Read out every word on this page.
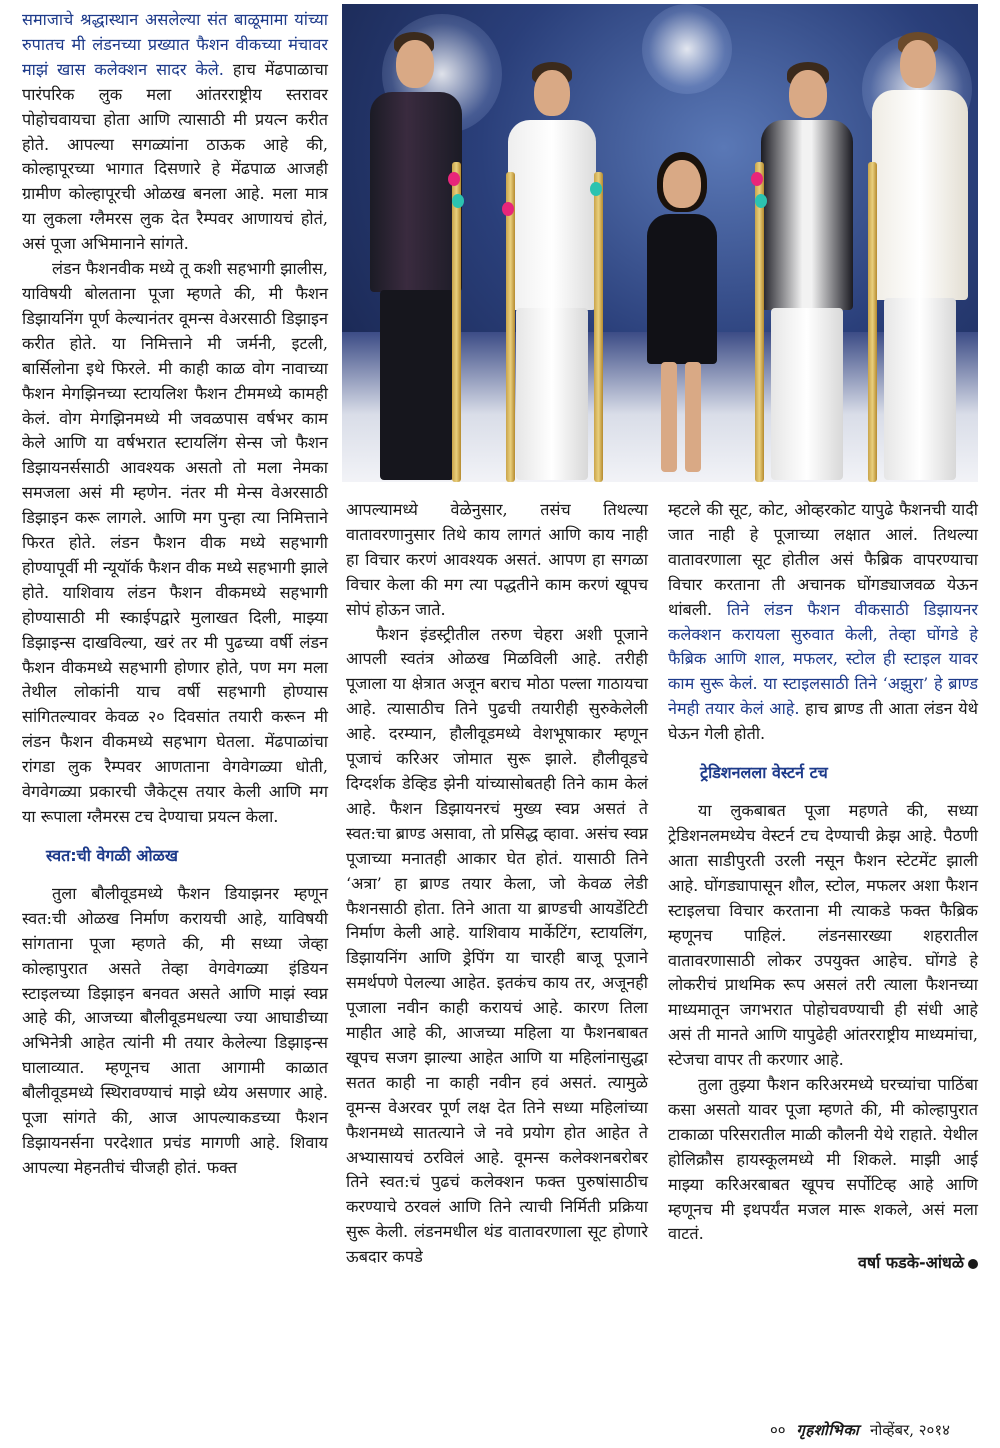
समाजाचे श्रद्धास्थान असलेल्या संत बाळूमामा यांच्या रुपातच मी लंडनच्या प्रख्यात फैशन वीकच्या मंचावर माझं खास कलेक्शन सादर केले. हाच मेंढपाळाचा पारंपरिक लुक मला आंतरराष्ट्रीय स्तरावर पोहोचवायचा होता आणि त्यासाठी मी प्रयत्न करीत होते. आपल्या सगळ्यांना ठाऊक आहे की, कोल्हापूरच्या भागात दिसणारे हे मेंढपाळ आजही ग्रामीण कोल्हापूरची ओळख बनला आहे. मला मात्र या लुकला ग्लैमरस लुक देत रैम्पवर आणायचं होतं, असं पूजा अभिमानाने सांगते.

लंडन फैशनवीक मध्ये तू कशी सहभागी झालीस, याविषयी बोलताना पूजा म्हणते की, मी फैशन डिझायनिंग पूर्ण केल्यानंतर वूमन्स वेअरसाठी डिझाइन करीत होते. या निमित्ताने मी जर्मनी, इटली, बार्सिलोना इथे फिरले. मी काही काळ वोग नावाच्या फैशन मेगझिनच्या स्टायलिश फैशन टीममध्ये कामही केलं. वोग मेगझिनमध्ये मी जवळपास वर्षभर काम केले आणि या वर्षभरात स्टायलिंग सेन्स जो फैशन डिझायनर्ससाठी आवश्यक असतो तो मला नेमका समजला असं मी म्हणेन. नंतर मी मेन्स वेअरसाठी डिझाइन करू लागले. आणि मग पुन्हा त्या निमित्ताने फिरत होते. लंडन फैशन वीक मध्ये सहभागी होण्यापूर्वी मी न्यूयॉर्क फैशन वीक मध्ये सहभागी झाले होते. याशिवाय लंडन फैशन वीकमध्ये सहभागी होण्यासाठी मी स्काईपद्वारे मुलाखत दिली, माझ्या डिझाइन्स दाखविल्या, खरं तर मी पुढच्या वर्षी लंडन फैशन वीकमध्ये सहभागी होणार होते, पण मग मला तेथील लोकांनी याच वर्षी सहभागी होण्यास सांगितल्यावर केवळ २० दिवसांत तयारी करून मी लंडन फैशन वीकमध्ये सहभाग घेतला. मेंढपाळांचा रांगडा लुक रैम्पवर आणताना वेगवेगळ्या धोती, वेगवेगळ्या प्रकारची जैकेट्स तयार केली आणि मग या रूपाला ग्लैमरस टच देण्याचा प्रयत्न केला.

स्वत:ची वेगळी ओळख

तुला बौलीवूडमध्ये फैशन डियाझनर म्हणून स्वत:ची ओळख निर्माण करायची आहे, याविषयी सांगताना पूजा म्हणते की, मी सध्या जेव्हा कोल्हापुरात असते तेव्हा वेगवेगळ्या इंडियन स्टाइलच्या डिझाइन बनवत असते आणि माझं स्वप्न आहे की, आजच्या बौलीवूडमधल्या ज्या आघाडीच्या अभिनेत्री आहेत त्यांनी मी तयार केलेल्या डिझाइन्स घालाव्यात. म्हणूनच आता आगामी काळात बौलीवूडमध्ये स्थिरावण्याचं माझे ध्येय असणार आहे. पूजा सांगते की, आज आपल्याकडच्या फैशन डिझायनर्सना परदेशात प्रचंड मागणी आहे. शिवाय आपल्या मेहनतीचं चीजही होतं. फक्त

आपल्यामध्ये वेळेनुसार, तसंच तिथल्या वातावरणानुसार तिथे काय लागतं आणि काय नाही हा विचार करणं आवश्यक असतं. आपण हा सगळा विचार केला की मग त्या पद्धतीने काम करणं खूपच सोपं होऊन जाते.

फैशन इंडस्ट्रीतील तरुण चेहरा अशी पूजाने आपली स्वतंत्र ओळख मिळविली आहे. तरीही पूजाला या क्षेत्रात अजून बराच मोठा पल्ला गाठायचा आहे. त्यासाठीच तिने पुढची तयारीही सुरुकेलेली आहे. दरम्यान, हौलीवूडमध्ये वेशभूषाकार म्हणून पूजाचं करिअर जोमात सुरू झाले. हौलीवूडचे दिग्दर्शक डेव्हिड झेनी यांच्यासोबतही तिने काम केलं आहे. फैशन डिझायनरचं मुख्य स्वप्न असतं ते स्वत:चा ब्राण्ड असावा, तो प्रसिद्ध व्हावा. असंच स्वप्न पूजाच्या मनातही आकार घेत होतं. यासाठी तिने ‘अत्रा’ हा ब्राण्ड तयार केला, जो केवळ लेडी फैशनसाठी होता. तिने आता या ब्राण्डची आयडेंटिटी निर्माण केली आहे. याशिवाय मार्केटिंग, स्टायलिंग, डिझायनिंग आणि ड्रेपिंग या चारही बाजू पूजाने समर्थपणे पेलल्या आहेत. इतकंच काय तर, अजूनही पूजाला नवीन काही करायचं आहे. कारण तिला माहीत आहे की, आजच्या महिला या फैशनबाबत खूपच सजग झाल्या आहेत आणि या महिलांनासुद्धा सतत काही ना काही नवीन हवं असतं. त्यामुळे वूमन्स वेअरवर पूर्ण लक्ष देत तिने सध्या महिलांच्या फैशनमध्ये सातत्याने जे नवे प्रयोग होत आहेत ते अभ्यासायचं ठरविलं आहे. वूमन्स कलेक्शनबरोबर तिने स्वत:चं पुढचं कलेक्शन फक्त पुरुषांसाठीच करण्याचे ठरवलं आणि तिने त्याची निर्मिती प्रक्रिया सुरू केली. लंडनमधील थंड वातावरणाला सूट होणारे ऊबदार कपडे

म्हटले की सूट, कोट, ओव्हरकोट यापुढे फैशनची यादी जात नाही हे पूजाच्या लक्षात आलं. तिथल्या वातावरणाला सूट होतील असं फैब्रिक वापरण्याचा विचार करताना ती अचानक घोंगड्याजवळ येऊन थांबली. तिने लंडन फैशन वीकसाठी डिझायनर कलेक्शन करायला सुरुवात केली, तेव्हा घोंगडे हे फैब्रिक आणि शाल, मफलर, स्टोल ही स्टाइल यावर काम सुरू केलं. या स्टाइलसाठी तिने ‘अझुरा’ हे ब्राण्ड नेमही तयार केलं आहे. हाच ब्राण्ड ती आता लंडन येथे घेऊन गेली होती.

ट्रेडिशनलला वेस्टर्न टच

या लुकबाबत पूजा महणते की, सध्या ट्रेडिशनलमध्येच वेस्टर्न टच देण्याची क्रेझ आहे. पैठणी आता साडीपुरती उरली नसून फैशन स्टेटमेंट झाली आहे. घोंगड्यापासून शौल, स्टोल, मफलर अशा फैशन स्टाइलचा विचार करताना मी त्याकडे फक्त फैब्रिक म्हणूनच पाहिलं. लंडनसारख्या शहरातील वातावरणासाठी लोकर उपयुक्त आहेच. घोंगडे हे लोकरीचं प्राथमिक रूप असलं तरी त्याला फैशनच्या माध्यमातून जगभरात पोहोचवण्याची ही संधी आहे असं ती मानते आणि यापुढेही आंतरराष्ट्रीय माध्यमांचा, स्टेजचा वापर ती करणार आहे.

तुला तुझ्या फैशन करिअरमध्ये घरच्यांचा पाठिंबा कसा असतो यावर पूजा म्हणते की, मी कोल्हापुरात टाकाळा परिसरातील माळी कौलनी येथे राहाते. येथील होलिक्रौस हायस्कूलमध्ये मी शिकले. माझी आई माझ्या करिअरबाबत खूपच सर्पोटिव्ह आहे आणि म्हणूनच मी इथपर्यंत मजल मारू शकले, असं मला वाटतं.

वर्षा फडके-आंधळे
०० गृहशोभिका नोव्हेंबर, २०१४
